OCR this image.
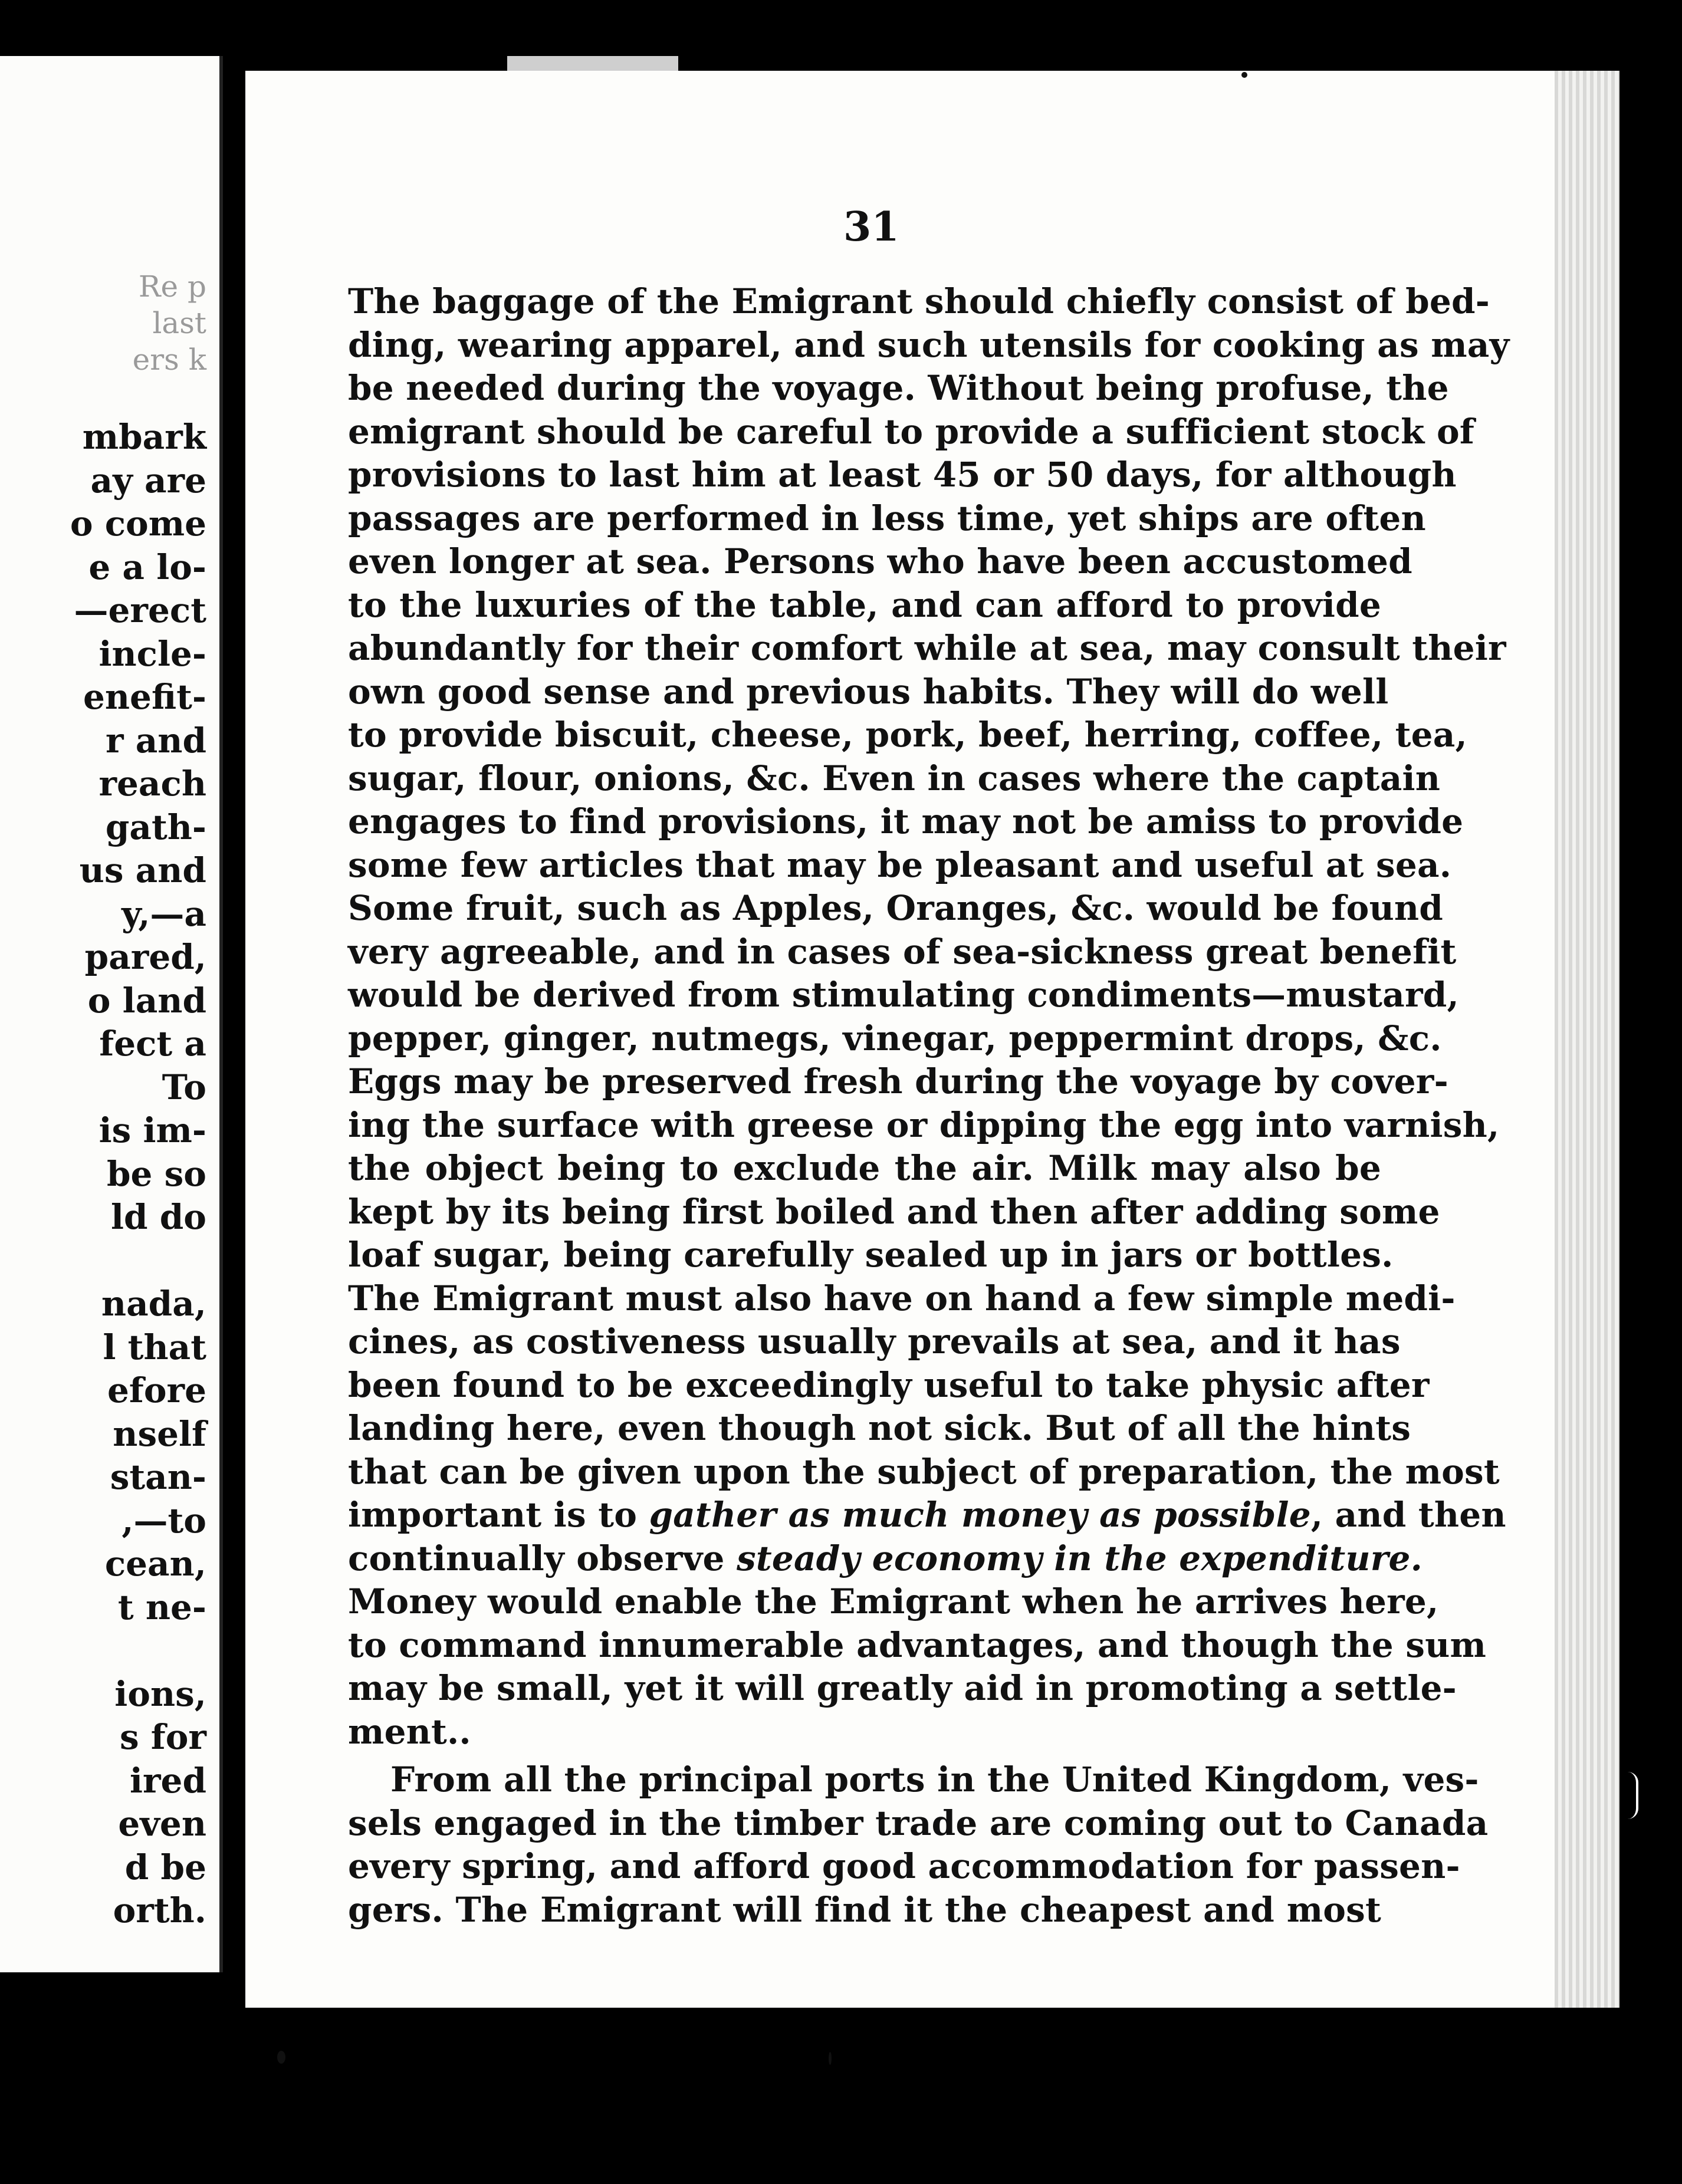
Re p
last
ers k
mbark
ay are
o come
e a lo-
—erect
incle-
enefit-
r and
reach
gath-
us and
y,—a
pared,
o land
fect a
To
is im-
be so
ld do
nada,
l that
efore
nself
stan-
,—to
cean,
t ne-
ions,
s for
ired
even
d be
orth.
31
The baggage of the Emigrant should chiefly consist of bed-
ding, wearing apparel, and such utensils for cooking as may
be needed during the voyage. Without being profuse, the
emigrant should be careful to provide a sufficient stock of
provisions to last him at least 45 or 50 days, for although
passages are performed in less time, yet ships are often
even longer at sea. Persons who have been accustomed
to the luxuries of the table, and can afford to provide
abundantly for their comfort while at sea, may consult their
own good sense and previous habits. They will do well
to provide biscuit, cheese, pork, beef, herring, coffee, tea,
sugar, flour, onions, &c. Even in cases where the captain
engages to find provisions, it may not be amiss to provide
some few articles that may be pleasant and useful at sea.
Some fruit, such as Apples, Oranges, &c. would be found
very agreeable, and in cases of sea-sickness great benefit
would be derived from stimulating condiments—mustard,
pepper, ginger, nutmegs, vinegar, peppermint drops, &c.
Eggs may be preserved fresh during the voyage by cover-
ing the surface with greese or dipping the egg into varnish,
the object being to exclude the air. Milk may also be
kept by its being first boiled and then after adding some
loaf sugar, being carefully sealed up in jars or bottles.
The Emigrant must also have on hand a few simple medi-
cines, as costiveness usually prevails at sea, and it has
been found to be exceedingly useful to take physic after
landing here, even though not sick. But of all the hints
that can be given upon the subject of preparation, the most
important is to gather as much money as possible, and then
continually observe steady economy in the expenditure.
Money would enable the Emigrant when he arrives here,
to command innumerable advantages, and though the sum
may be small, yet it will greatly aid in promoting a settle-
ment..
From all the principal ports in the United Kingdom, ves-
sels engaged in the timber trade are coming out to Canada
every spring, and afford good accommodation for passen-
gers. The Emigrant will find it the cheapest and most
